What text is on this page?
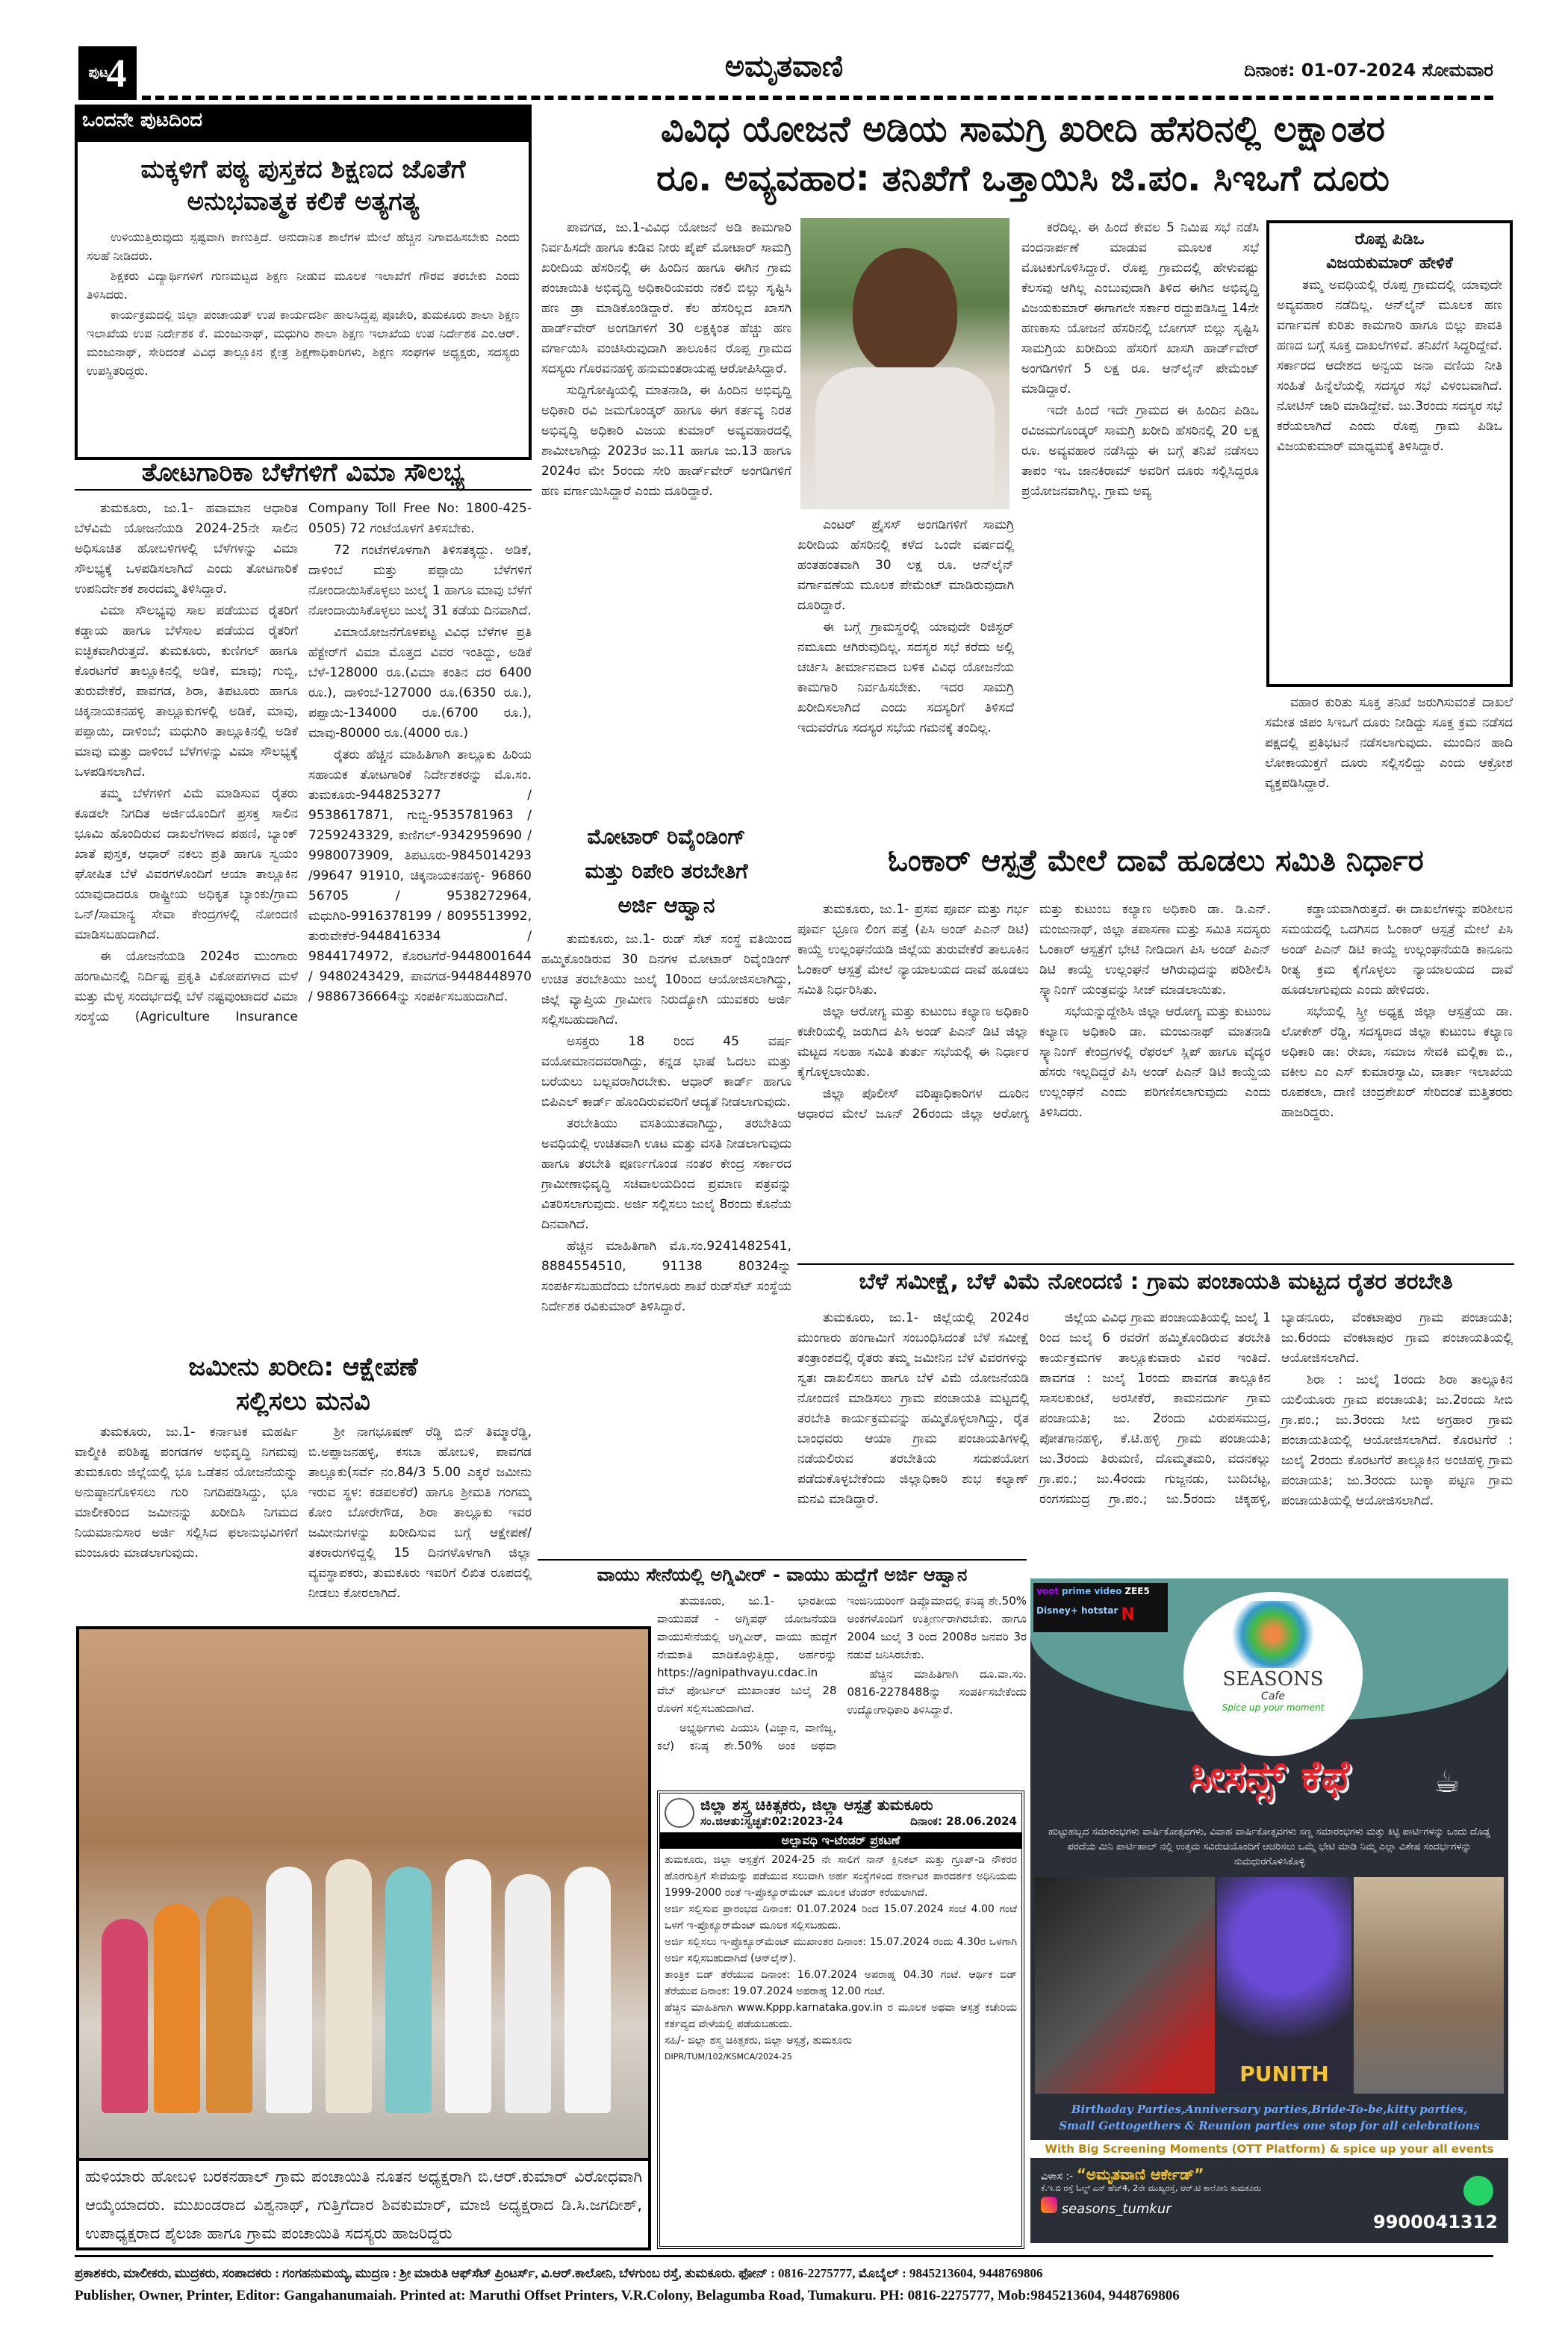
ಪುಟ
4	ಅಮೃತವಾಣಿ	ದಿನಾಂಕ: 01-07-2024 ಸೋಮವಾರ
ಒಂದನೇ ಪುಟದಿಂದ
ಮಕ್ಕಳಿಗೆ ಪಠ್ಯ ಪುಸ್ತಕದ ಶಿಕ್ಷಣದ ಜೊತೆಗೆ ಅನುಭವಾತ್ಮಕ ಕಲಿಕೆ ಅತ್ಯಗತ್ಯ

ಉಳಿಯುತ್ತಿರುವುದು ಸ್ಪಷ್ಟವಾಗಿ ಕಾಣುತ್ತಿದೆ. ಅನುದಾನಿತ ಶಾಲೆಗಳ ಮೇಲೆ ಹೆಚ್ಚಿನ ನಿಗಾವಹಿಸಬೇಕು ಎಂದು ಸಲಹೆ ನೀಡಿದರು.

ಶಿಕ್ಷಕರು ವಿದ್ಯಾರ್ಥಿಗಳಿಗೆ ಗುಣಮಟ್ಟದ ಶಿಕ್ಷಣ ನೀಡುವ ಮೂಲಕ ಇಲಾಖೆಗೆ ಗೌರವ ತರಬೇಕು ಎಂದು ತಿಳಿಸಿದರು.

ಕಾರ್ಯಕ್ರಮದಲ್ಲಿ ಜಿಲ್ಲಾ ಪಂಚಾಯತ್ ಉಪ ಕಾರ್ಯದರ್ಶಿ ಹಾಲಸಿದ್ದಪ್ಪ ಪೂಜೇರಿ, ತುಮಕೂರು ಶಾಲಾ ಶಿಕ್ಷಣ ಇಲಾಖೆಯ ಉಪ ನಿರ್ದೇಶಕ ಕೆ. ಮಂಜುನಾಥ್, ಮಧುಗಿರಿ ಶಾಲಾ ಶಿಕ್ಷಣ ಇಲಾಖೆಯ ಉಪ ನಿರ್ದೇಶಕ ಎಂ.ಆರ್. ಮಂಜುನಾಥ್, ಸೇರಿದಂತೆ ವಿವಿಧ ತಾಲ್ಲೂಕಿನ ಕ್ಷೇತ್ರ ಶಿಕ್ಷಣಾಧಿಕಾರಿಗಳು, ಶಿಕ್ಷಣ ಸಂಘಗಳ ಅಧ್ಯಕ್ಷರು, ಸದಸ್ಯರು ಉಪಸ್ಥಿತರಿದ್ದರು.

ವಿವಿಧ ಯೋಜನೆ ಅಡಿಯ ಸಾಮಗ್ರಿ ಖರೀದಿ ಹೆಸರಿನಲ್ಲಿ ಲಕ್ಷಾಂತರ
ರೂ. ಅವ್ಯವಹಾರ: ತನಿಖೆಗೆ ಒತ್ತಾಯಿಸಿ ಜಿ.ಪಂ. ಸಿಇಒಗೆ ದೂರು

ಪಾವಗಡ, ಜು.1-ವಿವಿಧ ಯೋಜನೆ ಅಡಿ ಕಾಮಗಾರಿ ನಿರ್ವಹಿಸದೇ ಹಾಗೂ ಕುಡಿವ ನೀರು ಪೈಪ್ ಮೋಟಾರ್ ಸಾಮಗ್ರಿ ಖರೀದಿಯ ಹೆಸರಿನಲ್ಲಿ ಈ ಹಿಂದಿನ ಹಾಗೂ ಈಗಿನ ಗ್ರಾಮ ಪಂಚಾಯಿತಿ ಅಭಿವೃದ್ಧಿ ಅಧಿಕಾರಿಯವರು ನಕಲಿ ಬಿಲ್ಲು ಸೃಷ್ಟಿಸಿ ಹಣ ಡ್ರಾ ಮಾಡಿಕೊಂಡಿದ್ದಾರೆ. ಕೆಲ ಹೆಸರಿಲ್ಲದ ಖಾಸಗಿ ಹಾರ್ಡ್‌ವೇರ್ ಅಂಗಡಿಗಳಿಗೆ 30 ಲಕ್ಷಕ್ಕಿಂತ ಹೆಚ್ಚು ಹಣ ವರ್ಗಾಯಿಸಿ ವಂಚಿಸಿರುವುದಾಗಿ ತಾಲೂಕಿನ ರೊಪ್ಪ ಗ್ರಾಮದ ಸದಸ್ಯರು ಗೊರವನಹಳ್ಳಿ ಹನುಮಂತರಾಯಪ್ಪ ಆರೋಪಿಸಿದ್ದಾರೆ.

ಸುದ್ದಿಗೋಷ್ಠಿಯಲ್ಲಿ ಮಾತನಾಡಿ, ಈ ಹಿಂದಿನ ಅಭಿವೃದ್ಧಿ ಅಧಿಕಾರಿ ರವಿ ಜಮಗೊಂಡ್ಕರ್ ಹಾಗೂ ಈಗ ಕರ್ತವ್ಯ ನಿರತ ಅಭಿವೃದ್ಧಿ ಅಧಿಕಾರಿ ವಿಜಯ ಕುಮಾರ್ ಅವ್ಯವಹಾರದಲ್ಲಿ ಶಾಮೀಲಾಗಿದ್ದು 2023ರ ಜು.11 ಹಾಗೂ ಜು.13 ಹಾಗೂ 2024ರ ಮೇ 5ರಂದು ಸೇರಿ ಹಾರ್ಡ್‌ವೇರ್ ಅಂಗಡಿಗಳಿಗೆ ಹಣ ವರ್ಗಾಯಿಸಿದ್ದಾರೆ ಎಂದು ದೂರಿದ್ದಾರೆ.

ಎಂಟರ್ ಪ್ರೈಸಸ್ ಅಂಗಡಿಗಳಿಗೆ ಸಾಮಗ್ರಿ ಖರೀದಿಯ ಹೆಸರಿನಲ್ಲಿ ಕಳೆದ ಒಂದೇ ವರ್ಷದಲ್ಲಿ ಹಂತಹಂತವಾಗಿ 30 ಲಕ್ಷ ರೂ. ಆನ್‌ಲೈನ್ ವರ್ಗಾವಣೆಯ ಮೂಲಕ ಪೇಮೆಂಟ್ ಮಾಡಿರುವುದಾಗಿ ದೂರಿದ್ದಾರೆ.

ಈ ಬಗ್ಗೆ ಗ್ರಾಮಸ್ಥರಲ್ಲಿ ಯಾವುದೇ ರಿಜಿಸ್ಟರ್ ನಮೂದು ಆಗಿರುವುದಿಲ್ಲ. ಸದಸ್ಯರ ಸಭೆ ಕರೆದು ಅಲ್ಲಿ ಚರ್ಚಿಸಿ ತೀರ್ಮಾನವಾದ ಬಳಿಕ ವಿವಿಧ ಯೋಜನೆಯ ಕಾಮಗಾರಿ ನಿರ್ವಹಿಸಬೇಕು. ಇದರ ಸಾಮಗ್ರಿ ಖರೀದಿಸಲಾಗಿದೆ ಎಂದು ಸದಸ್ಯರಿಗೆ ತಿಳಿಸದೆ ಇದುವರೆಗೂ ಸದಸ್ಯರ ಸಭೆಯ ಗಮನಕ್ಕೆ ತಂದಿಲ್ಲ.

ಕರೆದಿಲ್ಲ. ಈ ಹಿಂದೆ ಕೇವಲ 5 ನಿಮಿಷ ಸಭೆ ನಡೆಸಿ ವಂದನಾರ್ಪಣೆ ಮಾಡುವ ಮೂಲಕ ಸಭೆ ಮೊಟಕುಗೊಳಿಸಿದ್ದಾರೆ. ರೊಪ್ಪ ಗ್ರಾಮದಲ್ಲಿ ಹೇಳುವಷ್ಟು ಕೆಲಸವು ಆಗಿಲ್ಲ ಎಂಬುವುದಾಗಿ ತಿಳಿದ ಈಗಿನ ಅಭಿವೃದ್ಧಿ ವಿಜಯಕುಮಾರ್ ಈಗಾಗಲೇ ಸರ್ಕಾರ ರದ್ದುಪಡಿಸಿದ್ದ 14ನೇ ಹಣಕಾಸು ಯೋಜನೆ ಹೆಸರಿನಲ್ಲಿ ಬೋಗಸ್ ಬಿಲ್ಲು ಸೃಷ್ಟಿಸಿ ಸಾಮಗ್ರಿಯ ಖರೀದಿಯ ಹೆಸರಿಗೆ ಖಾಸಗಿ ಹಾರ್ಡ್‌ವೇರ್ ಅಂಗಡಿಗಳಿಗೆ 5 ಲಕ್ಷ ರೂ. ಆನ್‌ಲೈನ್ ಪೇಮೆಂಟ್ ಮಾಡಿದ್ದಾರೆ.

ಇದೇ ಹಿಂದೆ ಇದೇ ಗ್ರಾಮದ ಈ ಹಿಂದಿನ ಪಿಡಿಒ ರವಿಜಮಗೊಂಡ್ಕರ್ ಸಾಮಗ್ರಿ ಖರೀದಿ ಹೆಸರಿನಲ್ಲಿ 20 ಲಕ್ಷ ರೂ. ಅವ್ಯವಹಾರ ನಡೆಸಿದ್ದು ಈ ಬಗ್ಗೆ ತನಿಖೆ ನಡೆಸಲು ತಾಪಂ ಇಒ ಜಾನಕಿರಾಮ್ ಅವರಿಗೆ ದೂರು ಸಲ್ಲಿಸಿದ್ದರೂ ಪ್ರಯೋಜನವಾಗಿಲ್ಲ. ಗ್ರಾಮ ಅವ್ಯ

ರೊಪ್ಪ ಪಿಡಿಒ
ವಿಜಯಕುಮಾರ್ ಹೇಳಿಕೆ

ತಮ್ಮ ಅವಧಿಯಲ್ಲಿ ರೊಪ್ಪ ಗ್ರಾಮದಲ್ಲಿ ಯಾವುದೇ ಅವ್ಯವಹಾರ ನಡೆದಿಲ್ಲ. ಆನ್‌ಲೈನ್ ಮೂಲಕ ಹಣ ವರ್ಗಾವಣೆ ಕುರಿತು ಕಾಮಗಾರಿ ಹಾಗೂ ಬಿಲ್ಲು ಪಾವತಿ ಹಣದ ಬಗ್ಗೆ ಸೂಕ್ತ ದಾಖಲೆಗಳಿವೆ. ತನಿಖೆಗೆ ಸಿದ್ಧರಿದ್ದೇವೆ. ಸರ್ಕಾರದ ಆದೇಶದ ಅನ್ವಯ ಜನಾ ವಣಿಯ ನೀತಿ ಸಂಹಿತೆ ಹಿನ್ನೆಲೆಯಲ್ಲಿ ಸದಸ್ಯರ ಸಭೆ ವಿಳಂಬವಾಗಿದೆ. ನೋಟಿಸ್ ಜಾರಿ ಮಾಡಿದ್ದೇವೆ. ಜು.3ರಂದು ಸದಸ್ಯರ ಸಭೆ ಕರೆಯಲಾಗಿದೆ ಎಂದು ರೊಪ್ಪ ಗ್ರಾಮ ಪಿಡಿಒ ವಿಜಯಕುಮಾರ್ ಮಾಧ್ಯಮಕ್ಕೆ ತಿಳಿಸಿದ್ದಾರೆ.

ವಹಾರ ಕುರಿತು ಸೂಕ್ತ ತನಿಖೆ ಜರುಗಿಸುವಂತೆ ದಾಖಲೆ ಸಮೇತ ಜಿಪಂ ಸಿಇಒಗೆ ದೂರು ನೀಡಿದ್ದು ಸೂಕ್ತ ಕ್ರಮ ನಡೆಸದ ಪಕ್ಷದಲ್ಲಿ ಪ್ರತಿಭಟನೆ ನಡೆಸಲಾಗುವುದು. ಮುಂದಿನ ಹಾದಿ ಲೋಕಾಯುಕ್ತಗೆ ದೂರು ಸಲ್ಲಿಸಲಿದ್ದು ಎಂದು ಆಕ್ರೋಶ ವ್ಯಕ್ತಪಡಿಸಿದ್ದಾರೆ.

ತೋಟಗಾರಿಕಾ ಬೆಳೆಗಳಿಗೆ ವಿಮಾ ಸೌಲಭ್ಯ

ತುಮಕೂರು, ಜು.1- ಹವಾಮಾನ ಆಧಾರಿತ ಬೆಳೆವಿಮೆ ಯೋಜನೆಯಡಿ 2024-25ನೇ ಸಾಲಿನ ಅಧಿಸೂಚಿತ ಹೋಬಳಿಗಳಲ್ಲಿ ಬೆಳೆಗಳನ್ನು ವಿಮಾ ಸೌಲಭ್ಯಕ್ಕೆ ಒಳಪಡಿಸಲಾಗಿದೆ ಎಂದು ತೋಟಗಾರಿಕೆ ಉಪನಿರ್ದೇಶಕ ಶಾರದಮ್ಮ ತಿಳಿಸಿದ್ದಾರೆ.

ವಿಮಾ ಸೌಲಭ್ಯವು ಸಾಲ ಪಡೆಯುವ ರೈತರಿಗೆ ಕಡ್ಡಾಯ ಹಾಗೂ ಬೆಳೆಸಾಲ ಪಡೆಯದ ರೈತರಿಗೆ ಐಚ್ಛಿಕವಾಗಿರುತ್ತದೆ. ತುಮಕೂರು, ಕುಣಿಗಲ್ ಹಾಗೂ ಕೊರಟಗೆರೆ ತಾಲ್ಲೂಕಿನಲ್ಲಿ ಅಡಿಕೆ, ಮಾವು; ಗುಬ್ಬಿ, ತುರುವೇಕೆರೆ, ಪಾವಗಡ, ಶಿರಾ, ತಿಪಟೂರು ಹಾಗೂ ಚಿಕ್ಕನಾಯಕನಹಳ್ಳಿ ತಾಲ್ಲೂಕುಗಳಲ್ಲಿ ಅಡಿಕೆ, ಮಾವು, ಪಪ್ಪಾಯಿ, ದಾಳಿಂಬೆ; ಮಧುಗಿರಿ ತಾಲ್ಲೂಕಿನಲ್ಲಿ ಅಡಿಕೆ ಮಾವು ಮತ್ತು ದಾಳಿಂಬೆ ಬೆಳೆಗಳನ್ನು ವಿಮಾ ಸೌಲಭ್ಯಕ್ಕೆ ಒಳಪಡಿಸಲಾಗಿದೆ.

ತಮ್ಮ ಬೆಳೆಗಳಿಗೆ ವಿಮೆ ಮಾಡಿಸುವ ರೈತರು ಕೂಡಲೇ ನಿಗದಿತ ಅರ್ಜಿಯೊಂದಿಗೆ ಪ್ರಸಕ್ತ ಸಾಲಿನ ಭೂಮಿ ಹೊಂದಿರುವ ದಾಖಲೆಗಳಾದ ಪಹಣಿ, ಬ್ಯಾಂಕ್ ಖಾತೆ ಪುಸ್ತಕ, ಆಧಾರ್ ನಕಲು ಪ್ರತಿ ಹಾಗೂ ಸ್ವಯಂ ಘೋಷಿತ ಬೆಳೆ ವಿವರಗಳೊಂದಿಗೆ ಆಯಾ ತಾಲ್ಲೂಕಿನ ಯಾವುದಾದರೂ ರಾಷ್ಟ್ರೀಯ ಅಧಿಕೃತ ಬ್ಯಾಂಕು/ಗ್ರಾಮ ಒನ್/ಸಾಮಾನ್ಯ ಸೇವಾ ಕೇಂದ್ರಗಳಲ್ಲಿ ನೋಂದಣಿ ಮಾಡಿಸಬಹುದಾಗಿದೆ.

ಈ ಯೋಜನೆಯಡಿ 2024ರ ಮುಂಗಾರು ಹಂಗಾಮಿನಲ್ಲಿ ನಿರ್ದಿಷ್ಟ ಪ್ರಕೃತಿ ವಿಕೋಪಗಳಾದ ಮಳೆ ಮತ್ತು ಮೆಳ್ಳ ಸಂದರ್ಭದಲ್ಲಿ ಬೆಳೆ ನಷ್ಟವುಂಟಾದರೆ ವಿಮಾ ಸಂಸ್ಥೆಯ (Agriculture Insurance Company Toll Free No: 1800-425-0505) 72 ಗಂಟೆಯೊಳಗೆ ತಿಳಿಸಬೇಕು.

72 ಗಂಟೆಗಳೊಳಗಾಗಿ ತಿಳಿಸತಕ್ಕದ್ದು. ಅಡಿಕೆ, ದಾಳಿಂಬೆ ಮತ್ತು ಪಪ್ಪಾಯಿ ಬೆಳೆಗಳಿಗೆ ನೋಂದಾಯಿಸಿಕೊಳ್ಳಲು ಜುಲೈ 1 ಹಾಗೂ ಮಾವು ಬೆಳೆಗೆ ನೋಂದಾಯಿಸಿಕೊಳ್ಳಲು ಜುಲೈ 31 ಕಡೆಯ ದಿನವಾಗಿದೆ.

ವಿಮಾಯೋಜನೆಗೊಳಪಟ್ಟ ವಿವಿಧ ಬೆಳೆಗಳ ಪ್ರತಿ ಹೆಕ್ಟೇರ್‌ಗೆ ವಿಮಾ ಮೊತ್ತದ ವಿವರ ಇಂತಿದ್ದು, ಅಡಿಕೆ ಬೆಳೆ-128000 ರೂ.(ವಿಮಾ ಕಂತಿನ ದರ 6400 ರೂ.), ದಾಳಿಂಬೆ-127000 ರೂ.(6350 ರೂ.), ಪಪ್ಪಾಯಿ-134000 ರೂ.(6700 ರೂ.), ಮಾವು-80000 ರೂ.(4000 ರೂ.)

ರೈತರು ಹೆಚ್ಚಿನ ಮಾಹಿತಿಗಾಗಿ ತಾಲ್ಲೂಕು ಹಿರಿಯ ಸಹಾಯಕ ತೋಟಗಾರಿಕೆ ನಿರ್ದೇಶಕರನ್ನು ಮೊ.ಸಂ. ತುಮಕೂರು-9448253277 / 9538617871, ಗುಬ್ಬಿ-9535781963 / 7259243329, ಕುಣಿಗಲ್-9342959690 / 9980073909, ತಿಪಟೂರು-9845014293 /99647 91910, ಚಿಕ್ಕನಾಯಕನಹಳ್ಳಿ- 96860 56705 / 9538272964, ಮಧುಗಿರಿ-9916378199 / 8095513992, ತುರುವೇಕೆರೆ-9448416334 / 9844174972, ಕೊರಟಗೆರೆ-9448001644 / 9480243429, ಪಾವಗಡ-9448448970 / 9886736664ನ್ನು ಸಂಪರ್ಕಿಸಬಹುದಾಗಿದೆ.

ಜಮೀನು ಖರೀದಿ: ಆಕ್ಷೇಪಣೆ
ಸಲ್ಲಿಸಲು ಮನವಿ

ತುಮಕೂರು, ಜು.1- ಕರ್ನಾಟಕ ಮಹರ್ಷಿ ವಾಲ್ಮೀಕಿ ಪರಿಶಿಷ್ಟ ಪಂಗಡಗಳ ಅಭಿವೃದ್ಧಿ ನಿಗಮವು ತುಮಕೂರು ಜಿಲ್ಲೆಯಲ್ಲಿ ಭೂ ಒಡೆತನ ಯೋಜನೆಯನ್ನು ಅನುಷ್ಠಾನಗೊಳಿಸಲು ಗುರಿ ನಿಗದಿಪಡಿಸಿದ್ದು, ಭೂ ಮಾಲೀಕರಿಂದ ಜಮೀನನ್ನು ಖರೀದಿಸಿ ನಿಗಮದ ನಿಯಮಾನುಸಾರ ಅರ್ಜಿ ಸಲ್ಲಿಸಿದ ಫಲಾನುಭವಿಗಳಿಗೆ ಮಂಜೂರು ಮಾಡಲಾಗುವುದು.

ಶ್ರೀ ನಾಗಭೂಷಣ್ ರೆಡ್ಡಿ ಬಿನ್ ತಿಮ್ಮಾರೆಡ್ಡಿ, ಬಿ.ಅಪ್ಪಾಜನಹಳ್ಳಿ, ಕಸಬಾ ಹೋಬಳಿ, ಪಾವಗಡ ತಾಲ್ಲೂಕು(ಸರ್ವೆ ನಂ.84/3 5.00 ಎಕ್ಕರೆ ಜಮೀನು ಇರುವ ಸ್ಥಳ: ಕಡಪಲಕೆರೆ) ಹಾಗೂ ಶ್ರೀಮತಿ ಗಂಗಮ್ಮ ಕೋಂ ಬೋರೇಗೌಡ, ಶಿರಾ ತಾಲ್ಲೂಕು ಇವರ ಜಮೀನುಗಳನ್ನು ಖರೀದಿಸುವ ಬಗ್ಗೆ ಆಕ್ಷೇಪಣೆ/ತಕರಾರುಗಳಿದ್ದಲ್ಲಿ 15 ದಿನಗಳೊಳಗಾಗಿ ಜಿಲ್ಲಾ ವ್ಯವಸ್ಥಾಪಕರು, ತುಮಕೂರು ಇವರಿಗೆ ಲಿಖಿತ ರೂಪದಲ್ಲಿ ನೀಡಲು ಕೋರಲಾಗಿದೆ.

ಮೋಟಾರ್ ರಿವೈಂಡಿಂಗ್
ಮತ್ತು ರಿಪೇರಿ ತರಬೇತಿಗೆ
ಅರ್ಜಿ ಆಹ್ವಾನ

ತುಮಕೂರು, ಜು.1- ರುಡ್ ಸೆಟ್ ಸಂಸ್ಥೆ ವತಿಯಿಂದ ಹಮ್ಮಿಕೊಂಡಿರುವ 30 ದಿನಗಳ ಮೋಟಾರ್ ರಿವೈಂಡಿಂಗ್ ಉಚಿತ ತರಬೇತಿಯು ಜುಲೈ 10ರಿಂದ ಆಯೋಜಿಸಲಾಗಿದ್ದು, ಜಿಲ್ಲೆ ವ್ಯಾಪ್ತಿಯ ಗ್ರಾಮೀಣ ನಿರುದ್ಯೋಗಿ ಯುವಕರು ಅರ್ಜಿ ಸಲ್ಲಿಸಬಹುದಾಗಿದೆ.

ಅಸಕ್ತರು 18 ರಿಂದ 45 ವರ್ಷ ವಯೋಮಾನದವರಾಗಿದ್ದು, ಕನ್ನಡ ಭಾಷೆ ಓದಲು ಮತ್ತು ಬರೆಯಲು ಬಲ್ಲವರಾಗಿರಬೇಕು. ಆಧಾರ್ ಕಾರ್ಡ್ ಹಾಗೂ ಬಿಪಿಎಲ್ ಕಾರ್ಡ್ ಹೊಂದಿರುವವರಿಗೆ ಆದ್ಯತೆ ನೀಡಲಾಗುವುದು.

ತರಬೇತಿಯು ವಸತಿಯುತವಾಗಿದ್ದು, ತರಬೇತಿಯ ಅವಧಿಯಲ್ಲಿ ಉಚಿತವಾಗಿ ಊಟ ಮತ್ತು ವಸತಿ ನೀಡಲಾಗುವುದು ಹಾಗೂ ತರಬೇತಿ ಪೂರ್ಣಗೊಂಡ ನಂತರ ಕೇಂದ್ರ ಸರ್ಕಾರದ ಗ್ರಾಮೀಣಾಭಿವೃದ್ಧಿ ಸಚಿವಾಲಯದಿಂದ ಪ್ರಮಾಣ ಪತ್ರವನ್ನು ವಿತರಿಸಲಾಗುವುದು. ಅರ್ಜಿ ಸಲ್ಲಿಸಲು ಜುಲೈ 8ರಂದು ಕೊನೆಯ ದಿನವಾಗಿದೆ.

ಹೆಚ್ಚಿನ ಮಾಹಿತಿಗಾಗಿ ಮೊ.ಸಂ.9241482541, 8884554510, 91138 80324ನ್ನು ಸಂಪರ್ಕಿಸಬಹುದೆಂದು ಬೆಂಗಳೂರು ಶಾಖೆ ರುಡ್‌ಸೆಟ್ ಸಂಸ್ಥೆಯ ನಿರ್ದೇಶಕ ರವಿಕುಮಾರ್ ತಿಳಿಸಿದ್ದಾರೆ.

ಓಂಕಾರ್ ಆಸ್ಪತ್ರೆ ಮೇಲೆ ದಾವೆ ಹೂಡಲು ಸಮಿತಿ ನಿರ್ಧಾರ

ತುಮಕೂರು, ಜು.1- ಪ್ರಸವ ಪೂರ್ವ ಮತ್ತು ಗರ್ಭ ಪೂರ್ವ ಭ್ರೂಣ ಲಿಂಗ ಪತ್ತೆ (ಪಿಸಿ ಅಂಡ್ ಪಿಎನ್ ಡಿಟಿ) ಕಾಯ್ದೆ ಉಲ್ಲಂಘನೆಯಡಿ ಜಿಲ್ಲೆಯ ತುರುವೇಕೆರೆ ತಾಲೂಕಿನ ಓಂಕಾರ್ ಆಸ್ಪತ್ರೆ ಮೇಲೆ ನ್ಯಾಯಾಲಯದ ದಾವೆ ಹೂಡಲು ಸಮಿತಿ ನಿರ್ಧರಿಸಿತು.

ಜಿಲ್ಲಾ ಆರೋಗ್ಯ ಮತ್ತು ಕುಟುಂಬ ಕಲ್ಯಾಣ ಅಧಿಕಾರಿ ಕಚೇರಿಯಲ್ಲಿ ಜರುಗಿದ ಪಿಸಿ ಅಂಡ್ ಪಿಎನ್ ಡಿಟಿ ಜಿಲ್ಲಾ ಮಟ್ಟದ ಸಲಹಾ ಸಮಿತಿ ತುರ್ತು ಸಭೆಯಲ್ಲಿ ಈ ನಿರ್ಧಾರ ಕೈಗೊಳ್ಳಲಾಯಿತು.

ಜಿಲ್ಲಾ ಪೊಲೀಸ್ ವರಿಷ್ಠಾಧಿಕಾರಿಗಳ ದೂರಿನ ಆಧಾರದ ಮೇಲೆ ಜೂನ್ 26ರಂದು ಜಿಲ್ಲಾ ಆರೋಗ್ಯ ಮತ್ತು ಕುಟುಂಬ ಕಲ್ಯಾಣ ಅಧಿಕಾರಿ ಡಾ. ಡಿ.ಎನ್. ಮಂಜುನಾಥ್, ಜಿಲ್ಲಾ ತಪಾಸಣಾ ಮತ್ತು ಸಮಿತಿ ಸದಸ್ಯರು ಓಂಕಾರ್ ಆಸ್ಪತ್ರೆಗೆ ಭೇಟಿ ನೀಡಿದಾಗ ಪಿಸಿ ಅಂಡ್ ಪಿಎನ್ ಡಿಟಿ ಕಾಯ್ದೆ ಉಲ್ಲಂಘನೆ ಆಗಿರುವುದನ್ನು ಪರಿಶೀಲಿಸಿ ಸ್ಕ್ಯಾನಿಂಗ್ ಯಂತ್ರವನ್ನು ಸೀಜ್ ಮಾಡಲಾಯಿತು.

ಸಭೆಯನ್ನುದ್ದೇಶಿಸಿ ಜಿಲ್ಲಾ ಆರೋಗ್ಯ ಮತ್ತು ಕುಟುಂಬ ಕಲ್ಯಾಣ ಅಧಿಕಾರಿ ಡಾ. ಮಂಜುನಾಥ್ ಮಾತನಾಡಿ ಸ್ಕ್ಯಾನಿಂಗ್ ಕೇಂದ್ರಗಳಲ್ಲಿ ರೆಫರಲ್ ಸ್ಲಿಪ್ ಹಾಗೂ ವೈದ್ಯರ ಹೆಸರು ಇಲ್ಲದಿದ್ದರೆ ಪಿಸಿ ಅಂಡ್ ಪಿಎನ್ ಡಿಟಿ ಕಾಯ್ದೆಯ ಉಲ್ಲಂಘನೆ ಎಂದು ಪರಿಗಣಿಸಲಾಗುವುದು ಎಂದು ತಿಳಿಸಿದರು.

ಕಡ್ಡಾಯವಾಗಿರುತ್ತದೆ. ಈ ದಾಖಲೆಗಳನ್ನು ಪರಿಶೀಲನ ಸಮಯದಲ್ಲಿ ಒದಗಿಸದ ಓಂಕಾರ್ ಆಸ್ಪತ್ರೆ ಮೇಲೆ ಪಿಸಿ ಅಂಡ್ ಪಿಎನ್ ಡಿಟಿ ಕಾಯ್ದೆ ಉಲ್ಲಂಘನೆಯಡಿ ಕಾನೂನು ರೀತ್ಯ ಕ್ರಮ ಕೈಗೊಳ್ಳಲು ನ್ಯಾಯಾಲಯದ ದಾವೆ ಹೂಡಲಾಗುವುದು ಎಂದು ಹೇಳಿದರು.

ಸಭೆಯಲ್ಲಿ ಸ್ತ್ರೀ ಅಧ್ಯಕ್ಷ ಜಿಲ್ಲಾ ಆಸ್ಪತ್ರೆಯ ಡಾ. ಲೋಕೇಶ್ ರೆಡ್ಡಿ, ಸದಸ್ಯರಾದ ಜಿಲ್ಲಾ ಕುಟುಂಬ ಕಲ್ಯಾಣ ಅಧಿಕಾರಿ ಡಾ: ರೇಖಾ, ಸಮಾಜ ಸೇವಕಿ ಮಲ್ಲಿಕಾ ಬಿ., ವಕೀಲ ಎಂ ಎಸ್ ಕುಮಾರಸ್ವಾಮಿ, ವಾರ್ತಾ ಇಲಾಖೆಯ ರೂಪಕಲಾ, ದಾಣಿ ಚಂದ್ರಶೇಖರ್ ಸೇರಿದಂತೆ ಮತ್ತಿತರರು ಹಾಜರಿದ್ದರು.

ಬೆಳೆ ಸಮೀಕ್ಷೆ, ಬೆಳೆ ವಿಮೆ ನೋಂದಣಿ : ಗ್ರಾಮ ಪಂಚಾಯತಿ ಮಟ್ಟದ ರೈತರ ತರಬೇತಿ

ತುಮಕೂರು, ಜು.1- ಜಿಲ್ಲೆಯಲ್ಲಿ 2024ರ ಮುಂಗಾರು ಹಂಗಾಮಿಗೆ ಸಂಬಂಧಿಸಿದಂತೆ ಬೆಳೆ ಸಮೀಕ್ಷೆ ತಂತ್ರಾಂಶದಲ್ಲಿ ರೈತರು ತಮ್ಮ ಜಮೀನಿನ ಬೆಳೆ ವಿವರಗಳನ್ನು ಸ್ವತಃ ದಾಖಲಿಸಲು ಹಾಗೂ ಬೆಳೆ ವಿಮೆ ಯೋಜನೆಯಡಿ ನೋಂದಣಿ ಮಾಡಿಸಲು ಗ್ರಾಮ ಪಂಚಾಯತಿ ಮಟ್ಟದಲ್ಲಿ ತರಬೇತಿ ಕಾರ್ಯಕ್ರಮವನ್ನು ಹಮ್ಮಿಕೊಳ್ಳಲಾಗಿದ್ದು, ರೈತ ಬಾಂಧವರು ಆಯಾ ಗ್ರಾಮ ಪಂಚಾಯತಿಗಳಲ್ಲಿ ನಡೆಯಲಿರುವ ತರಬೇತಿಯ ಸದುಪಯೋಗ ಪಡೆದುಕೊಳ್ಳಬೇಕೆಂದು ಜಿಲ್ಲಾಧಿಕಾರಿ ಶುಭ ಕಲ್ಯಾಣ್ ಮನವಿ ಮಾಡಿದ್ದಾರೆ.

ಜಿಲ್ಲೆಯ ವಿವಿಧ ಗ್ರಾಮ ಪಂಚಾಯತಿಯಲ್ಲಿ ಜುಲೈ 1 ರಿಂದ ಜುಲೈ 6 ರವರೆಗೆ ಹಮ್ಮಿಕೊಂಡಿರುವ ತರಬೇತಿ ಕಾರ್ಯಕ್ರಮಗಳ ತಾಲ್ಲೂಕುವಾರು ವಿವರ ಇಂತಿದೆ. ಪಾವಗಡ : ಜುಲೈ 1ರಂದು ಪಾವಗಡ ತಾಲ್ಲೂಕಿನ ಸಾಸಲಕುಂಟೆ, ಅರಸೀಕೆರೆ, ಕಾಮನದುರ್ಗ ಗ್ರಾಮ ಪಂಚಾಯತಿ; ಜು. 2ರಂದು ವಿರುಪಸಮುದ್ರ, ಪೋತಗಾನಹಳ್ಳಿ, ಕೆ.ಟಿ.ಹಳ್ಳಿ ಗ್ರಾಮ ಪಂಚಾಯತಿ; ಜು.3ರಂದು ತಿರುಮಣಿ, ದೊಮ್ಮತಮರಿ, ವದನಕಲ್ಲು ಗ್ರಾ.ಪಂ.; ಜು.4ರಂದು ಗುಜ್ಜನಡು, ಬುದಿಬೆಟ್ಟ, ರಂಗಸಮುದ್ರ ಗ್ರಾ.ಪಂ.; ಜು.5ರಂದು ಚಿಕ್ಕಹಳ್ಳಿ, ಬ್ಯಾಡನೂರು, ವೆಂಕಟಾಪುರ ಗ್ರಾಮ ಪಂಚಾಯತಿ; ಜು.6ರಂದು ವೆಂಕಟಾಪುರ ಗ್ರಾಮ ಪಂಚಾಯತಿಯಲ್ಲಿ ಆಯೋಜಿಸಲಾಗಿದೆ.

ಶಿರಾ : ಜುಲೈ 1ರಂದು ಶಿರಾ ತಾಲ್ಲೂಕಿನ ಯಲಿಯೂರು ಗ್ರಾಮ ಪಂಚಾಯತಿ; ಜು.2ರಂದು ಸೀಬಿ ಗ್ರಾ.ಪಂ.; ಜು.3ರಂದು ಸೀಬಿ ಅಗ್ರಹಾರ ಗ್ರಾಮ ಪಂಚಾಯತಿಯಲ್ಲಿ ಆಯೋಜಿಸಲಾಗಿದೆ. ಕೊರಟಗೆರೆ : ಜುಲೈ 2ರಂದು ಕೊರಟಗೆರೆ ತಾಲ್ಲೂಕಿನ ಅಂಚಿಹಳ್ಳಿ ಗ್ರಾಮ ಪಂಚಾಯತಿ; ಜು.3ರಂದು ಬುಕ್ಕಾ ಪಟ್ಟಣ ಗ್ರಾಮ ಪಂಚಾಯತಿಯಲ್ಲಿ ಆಯೋಜಿಸಲಾಗಿದೆ.

ವಾಯು ಸೇನೆಯಲ್ಲಿ ಅಗ್ನಿವೀರ್ - ವಾಯು ಹುದ್ದೆಗೆ ಅರ್ಜಿ ಆಹ್ವಾನ

ತುಮಕೂರು, ಜು.1- ಭಾರತೀಯ ವಾಯುಪಡೆ - ಅಗ್ನಿಪಥ್ ಯೋಜನೆಯಡಿ ವಾಯುಸೇನೆಯಲ್ಲಿ ಅಗ್ನಿವೀರ್, ವಾಯು ಹುದ್ದೆಗೆ ನೇಮಕಾತಿ ಮಾಡಿಕೊಳ್ಳುತ್ತಿದ್ದು, ಅರ್ಹರನ್ನು https://agnipathvayu.cdac.in ವೆಬ್ ಪೋರ್ಟಲ್ ಮುಖಾಂತರ ಜುಲೈ 28 ರೊಳಗೆ ಸಲ್ಲಿಸಬಹುದಾಗಿದೆ.

ಅಭ್ಯರ್ಥಿಗಳು ಪಿಯುಸಿ (ವಿಜ್ಞಾನ, ವಾಣಿಜ್ಯ, ಕಲೆ) ಕನಿಷ್ಠ ಶೇ.50% ಅಂಕ ಅಥವಾ ಇಂಜಿನಿಯರಿಂಗ್ ಡಿಪ್ಲೊಮಾದಲ್ಲಿ ಕನಿಷ್ಠ ಶೇ.50% ಅಂಕಗಳೊಂದಿಗೆ ಉತ್ತೀರ್ಣರಾಗಿರಬೇಕು. ಹಾಗೂ 2004 ಜುಲೈ 3 ರಿಂದ 2008ರ ಜನವರಿ 3ರ ನಡುವೆ ಜನಿಸಿರಬೇಕು.

ಹೆಚ್ಚಿನ ಮಾಹಿತಿಗಾಗಿ ದೂ.ವಾ.ಸಂ. 0816-2278488ನ್ನು ಸಂಪರ್ಕಿಸಬೇಕೆಂದು ಉದ್ಯೋಗಾಧಿಕಾರಿ ತಿಳಿಸಿದ್ದಾರೆ.

ಹುಳಿಯಾರು ಹೋಬಳಿ ಬರಕನಹಾಲ್ ಗ್ರಾಮ ಪಂಚಾಯಿತಿ ನೂತನ ಅಧ್ಯಕ್ಷರಾಗಿ ಬಿ.ಆರ್.ಕುಮಾರ್ ವಿರೋಧವಾಗಿ ಆಯ್ಕೆಯಾದರು. ಮುಖಂಡರಾದ ವಿಶ್ವನಾಥ್, ಗುತ್ತಿಗೆದಾರ ಶಿವಕುಮಾರ್, ಮಾಜಿ ಅಧ್ಯಕ್ಷರಾದ ಡಿ.ಸಿ.ಜಗದೀಶ್, ಉಪಾಧ್ಯಕ್ಷರಾದ ಶೈಲಜಾ ಹಾಗೂ ಗ್ರಾಮ ಪಂಚಾಯಿತಿ ಸದಸ್ಯರು ಹಾಜರಿದ್ದರು
ಜಿಲ್ಲಾ ಶಸ್ತ್ರ ಚಿಕಿತ್ಸಕರು, ಜಿಲ್ಲಾ ಆಸ್ಪತ್ರೆ ತುಮಕೂರು
ಸಂ.ಜಿಆತು:ಸ್ವಚ್ಛತೆ:02:2023-24	ದಿನಾಂಕ: 28.06.2024
ಅಲ್ಪಾವಧಿ ಇ-ಟೆಂಡರ್ ಪ್ರಕಟಣೆ
ತುಮಕೂರು, ಜಿಲ್ಲಾ ಆಸ್ಪತ್ರೆಗೆ 2024-25 ನೇ ಸಾಲಿಗೆ ನಾನ್ ಕ್ಲಿನಿಕಲ್ ಮತ್ತು ಗ್ರೂಪ್-ಡಿ ನೌಕರರ ಹೊರಗುತ್ತಿಗೆ ಸೇವೆಯನ್ನು ಪಡೆಯುವ ಸಲುವಾಗಿ ಅರ್ಹ ಸಂಸ್ಥೆಗಳಿಂದ ಕರ್ನಾಟಕ ಪಾರದರ್ಶಕ ಅಧಿನಿಯಮ 1999-2000 ರಂತೆ ಇ-ಪ್ರೊಕ್ಯೂರ್‌ಮೆಂಟ್ ಮೂಲಕ ಟೆಂಡರ್ ಕರೆಯಲಾಗಿದೆ.

ಅರ್ಜಿ ಸಲ್ಲಿಸುವ ಪ್ರಾರಂಭದ ದಿನಾಂಕ: 01.07.2024 ರಿಂದ 15.07.2024 ಸಂಜೆ 4.00 ಗಂಟೆ ಒಳಗೆ ಇ-ಪ್ರೊಕ್ಯೂರ್‌ಮೆಂಟ್ ಮೂಲಕ ಸಲ್ಲಿಸಬಹುದು.

ಅರ್ಜಿ ಸಲ್ಲಿಸಲು ಇ-ಪ್ರೊಕ್ಯೂರ್‌ಮೆಂಟ್ ಮುಖಾಂತರ ದಿನಾಂಕ: 15.07.2024 ರಂದು 4.30ರ ಒಳಗಾಗಿ ಅರ್ಜಿ ಸಲ್ಲಿಸಬಹುದಾಗಿದೆ (ಆನ್‌ಲೈನ್).

ತಾಂತ್ರಿಕ ಬಿಡ್ ತೆರೆಯುವ ದಿನಾಂಕ: 16.07.2024 ಅಪರಾಹ್ನ 04.30 ಗಂಟೆ. ಆರ್ಥಿಕ ಬಿಡ್ ತೆರೆಯುವ ದಿನಾಂಕ: 19.07.2024 ಅಪರಾಹ್ನ 12.00 ಗಂಟೆ.

ಹೆಚ್ಚಿನ ಮಾಹಿತಿಗಾಗಿ www.Kppp.karnataka.gov.in ರ ಮೂಲಕ ಅಥವಾ ಆಸ್ಪತ್ರೆ ಕಚೇರಿಯ ಕರ್ತವ್ಯದ ವೇಳೆಯಲ್ಲಿ ಪಡೆಯಬಹುದು.

ಸಹಿ/- ಜಿಲ್ಲಾ ಶಸ್ತ್ರ ಚಿಕಿತ್ಸಕರು, ಜಿಲ್ಲಾ ಆಸ್ಪತ್ರೆ, ತುಮಕೂರು

DIPR/TUM/102/KSMCA/2024-25
voot prime video ZEE5
Disney+ hotstar N
SEASONS
Cafe
Spice up your moment
ಸೀಸನ್ಸ್ ಕೆಫೆ	☕
ಹುಟ್ಟುಹಬ್ಬದ ಸಮಾರಂಭಗಳು ವಾರ್ಷಿಕೋತ್ಸವಗಳು, ವಿವಾಹ ವಾರ್ಷಿಕೋತ್ಸವಗಳು ಸಣ್ಣ ಸಮಾರಂಭಗಳು ಮತ್ತು ಕಿಟ್ಟಿ ಪಾರ್ಟಿಗಳನ್ನು ಒಂದು ದೊಡ್ಡ ಪರದೆಯ ಮಿನಿ ಪಾರ್ಟಿಹಾಲ್ ನಲ್ಲಿ ಉತ್ತಮ ಸವಿರುಚಿಯೊಂದಿಗೆ ಆಚರಿಸಲು ಒಮ್ಮೆ ಭೇಟಿ ಮಾಡಿ ನಿಮ್ಮ ಎಲ್ಲಾ ವಿಶೇಷ ಸಂದರ್ಭಗಳನ್ನು ಸುಮಧುರಗೊಳಿಸಿಕೊಳ್ಳಿ
PUNITH
Birthaday Parties,Anniversary parties,Bride-To-be,kitty parties,
Small Gettogethers & Reunion parties one stop for all celebrations
With Big Screening Moments (OTT Platform) & spice up your all events
ವಿಳಾಸ :- “ಅಮೃತವಾಣಿ ಆರ್ಕೇಡ್”
ಕೆ.ಇ.ಬಿ ರಸ್ತೆ ಓಲ್ಡ್ ಎನ್ ಹೆಚ್4, 2ನೇ ಮುಖ್ಯರಸ್ತೆ, ಆರ್.ಟಿ ಕಾಲೋನಿ ತುಮಕೂರು
seasons_tumkur
9900041312
ಪ್ರಕಾಶಕರು, ಮಾಲೀಕರು, ಮುದ್ರಕರು, ಸಂಪಾದಕರು : ಗಂಗಹನುಮಯ್ಯ, ಮುದ್ರಣ : ಶ್ರೀ ಮಾರುತಿ ಆಫ್‌ಸೆಟ್ ಪ್ರಿಂಟರ್ಸ್, ವಿ.ಆರ್.ಕಾಲೋನಿ, ಬೆಳಗುಂಬ ರಸ್ತೆ, ತುಮಕೂರು. ಫೋನ್ : 0816-2275777, ಮೊಬೈಲ್ : 9845213604, 9448769806
Publisher, Owner, Printer, Editor: Gangahanumaiah. Printed at: Maruthi Offset Printers, V.R.Colony, Belagumba Road, Tumakuru. PH: 0816-2275777, Mob:9845213604, 9448769806
